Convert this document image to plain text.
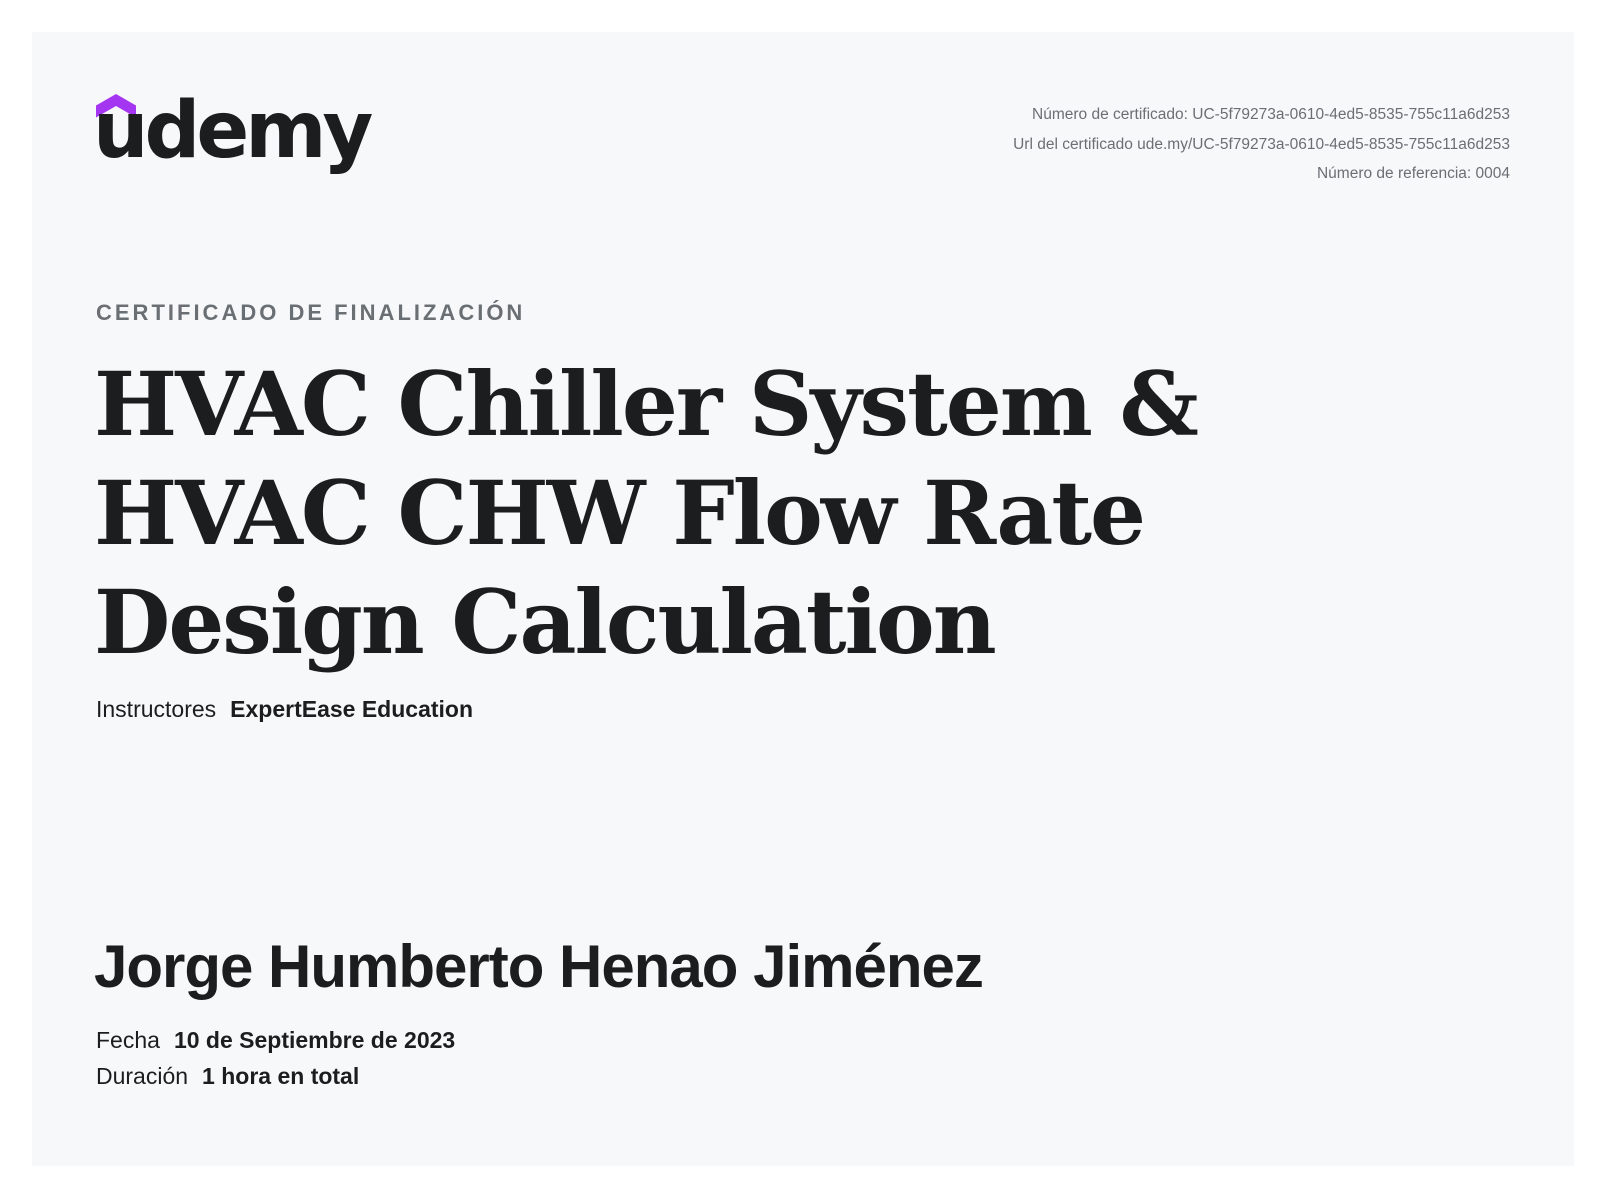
udemy	Número de certificado: UC-5f79273a-0610-4ed5-8535-755c11a6d253
Url del certificado ude.my/UC-5f79273a-0610-4ed5-8535-755c11a6d253
Número de referencia: 0004
CERTIFICADO DE FINALIZACIÓN
HVAC Chiller System & HVAC CHW Flow Rate Design Calculation
Instructores ExpertEase Education
Jorge Humberto Henao Jiménez
Fecha 10 de Septiembre de 2023
Duración 1 hora en total
